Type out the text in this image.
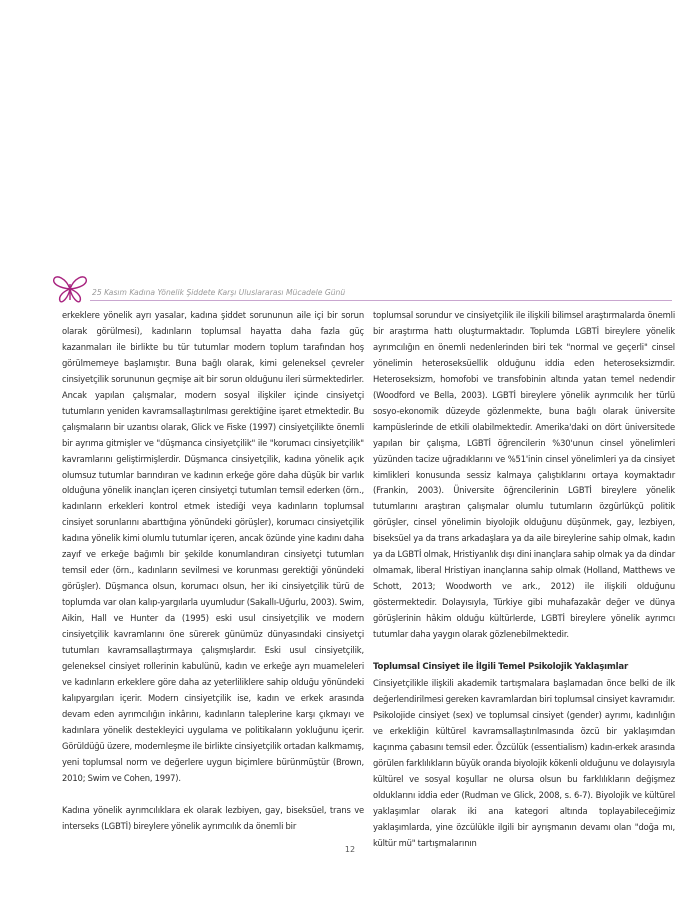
25 Kasım Kadına Yönelik Şiddete Karşı Uluslararası Mücadele Günü

erkeklere yönelik ayrı yasalar, kadına şiddet sorununun aile içi bir sorun olarak görülmesi), kadınların toplumsal hayatta daha fazla güç kazanmaları ile birlikte bu tür tutumlar modern toplum tarafından hoş görülmemeye başlamıştır. Buna bağlı olarak, kimi geleneksel çevreler cinsiyetçilik sorununun geçmişe ait bir sorun olduğunu ileri sürmektedirler. Ancak yapılan çalışmalar, modern sosyal ilişkiler içinde cinsiyetçi tutumların yeniden kavramsallaştırılması gerektiğine işaret etmektedir. Bu çalışmaların bir uzantısı olarak, Glick ve Fiske (1997) cinsiyetçilikte önemli bir ayrıma gitmişler ve "düşmanca cinsiyetçilik" ile "korumacı cinsiyetçilik" kavramlarını geliştirmişlerdir. Düşmanca cinsiyetçilik, kadına yönelik açık olumsuz tutumlar barındıran ve kadının erkeğe göre daha düşük bir varlık olduğuna yönelik inançları içeren cinsiyetçi tutumları temsil ederken (örn., kadınların erkekleri kontrol etmek istediği veya kadınların toplumsal cinsiyet sorunlarını abarttığına yönündeki görüşler), korumacı cinsiyetçilik kadına yönelik kimi olumlu tutumlar içeren, ancak özünde yine kadını daha zayıf ve erkeğe bağımlı bir şekilde konumlandıran cinsiyetçi tutumları temsil eder (örn., kadınların sevilmesi ve korunması gerektiği yönündeki görüşler). Düşmanca olsun, korumacı olsun, her iki cinsiyetçilik türü de toplumda var olan kalıp-yargılarla uyumludur (Sakallı-Uğurlu, 2003). Swim, Aikin, Hall ve Hunter da (1995) eski usul cinsiyetçilik ve modern cinsiyetçilik kavramlarını öne sürerek günümüz dünyasındaki cinsiyetçi tutumları kavramsallaştırmaya çalışmışlardır. Eski usul cinsiyetçilik, geleneksel cinsiyet rollerinin kabulünü, kadın ve erkeğe ayrı muameleleri ve kadınların erkeklere göre daha az yeterliliklere sahip olduğu yönündeki kalıpyargıları içerir. Modern cinsiyetçilik ise, kadın ve erkek arasında devam eden ayrımcılığın inkârını, kadınların taleplerine karşı çıkmayı ve kadınlara yönelik destekleyici uygulama ve politikaların yokluğunu içerir. Görüldüğü üzere, modernleşme ile birlikte cinsiyetçilik ortadan kalkmamış, yeni toplumsal norm ve değerlere uygun biçimlere bürünmüştür (Brown, 2010; Swim ve Cohen, 1997).

Kadına yönelik ayrımcılıklara ek olarak lezbiyen, gay, biseksüel, trans ve interseks (LGBTİ) bireylere yönelik ayrımcılık da önemli bir

toplumsal sorundur ve cinsiyetçilik ile ilişkili bilimsel araştırmalarda önemli bir araştırma hattı oluşturmaktadır. Toplumda LGBTİ bireylere yönelik ayrımcılığın en önemli nedenlerinden biri tek "normal ve geçerli" cinsel yönelimin heteroseksüellik olduğunu iddia eden heteroseksizmdir. Heteroseksizm, homofobi ve transfobinin altında yatan temel nedendir (Woodford ve Bella, 2003). LGBTİ bireylere yönelik ayrımcılık her türlü sosyo-ekonomik düzeyde gözlenmekte, buna bağlı olarak üniversite kampüslerinde de etkili olabilmektedir. Amerika'daki on dört üniversitede yapılan bir çalışma, LGBTİ öğrencilerin %30'unun cinsel yönelimleri yüzünden tacize uğradıklarını ve %51'inin cinsel yönelimleri ya da cinsiyet kimlikleri konusunda sessiz kalmaya çalıştıklarını ortaya koymaktadır (Frankin, 2003). Üniversite öğrencilerinin LGBTİ bireylere yönelik tutumlarını araştıran çalışmalar olumlu tutumların özgürlükçü politik görüşler, cinsel yönelimin biyolojik olduğunu düşünmek, gay, lezbiyen, biseksüel ya da trans arkadaşlara ya da aile bireylerine sahip olmak, kadın ya da LGBTİ olmak, Hristiyanlık dışı dini inançlara sahip olmak ya da dindar olmamak, liberal Hristiyan inançlarına sahip olmak (Holland, Matthews ve Schott, 2013; Woodworth ve ark., 2012) ile ilişkili olduğunu göstermektedir. Dolayısıyla, Türkiye gibi muhafazakâr değer ve dünya görüşlerinin hâkim olduğu kültürlerde, LGBTİ bireylere yönelik ayrımcı tutumlar daha yaygın olarak gözlenebilmektedir.

Toplumsal Cinsiyet ile İlgili Temel Psikolojik Yaklaşımlar

Cinsiyetçilikle ilişkili akademik tartışmalara başlamadan önce belki de ilk değerlendirilmesi gereken kavramlardan biri toplumsal cinsiyet kavramıdır. Psikolojide cinsiyet (sex) ve toplumsal cinsiyet (gender) ayrımı, kadınlığın ve erkekliğin kültürel kavramsallaştırılmasında özcü bir yaklaşımdan kaçınma çabasını temsil eder. Özcülük (essentialism) kadın-erkek arasında görülen farklılıkların büyük oranda biyolojik kökenli olduğunu ve dolayısıyla kültürel ve sosyal koşullar ne olursa olsun bu farklılıkların değişmez olduklarını iddia eder (Rudman ve Glick, 2008, s. 6-7). Biyolojik ve kültürel yaklaşımlar olarak iki ana kategori altında toplayabileceğimiz yaklaşımlarda, yine özcülükle ilgili bir ayrışmanın devamı olan "doğa mı, kültür mü" tartışmalarının

12
